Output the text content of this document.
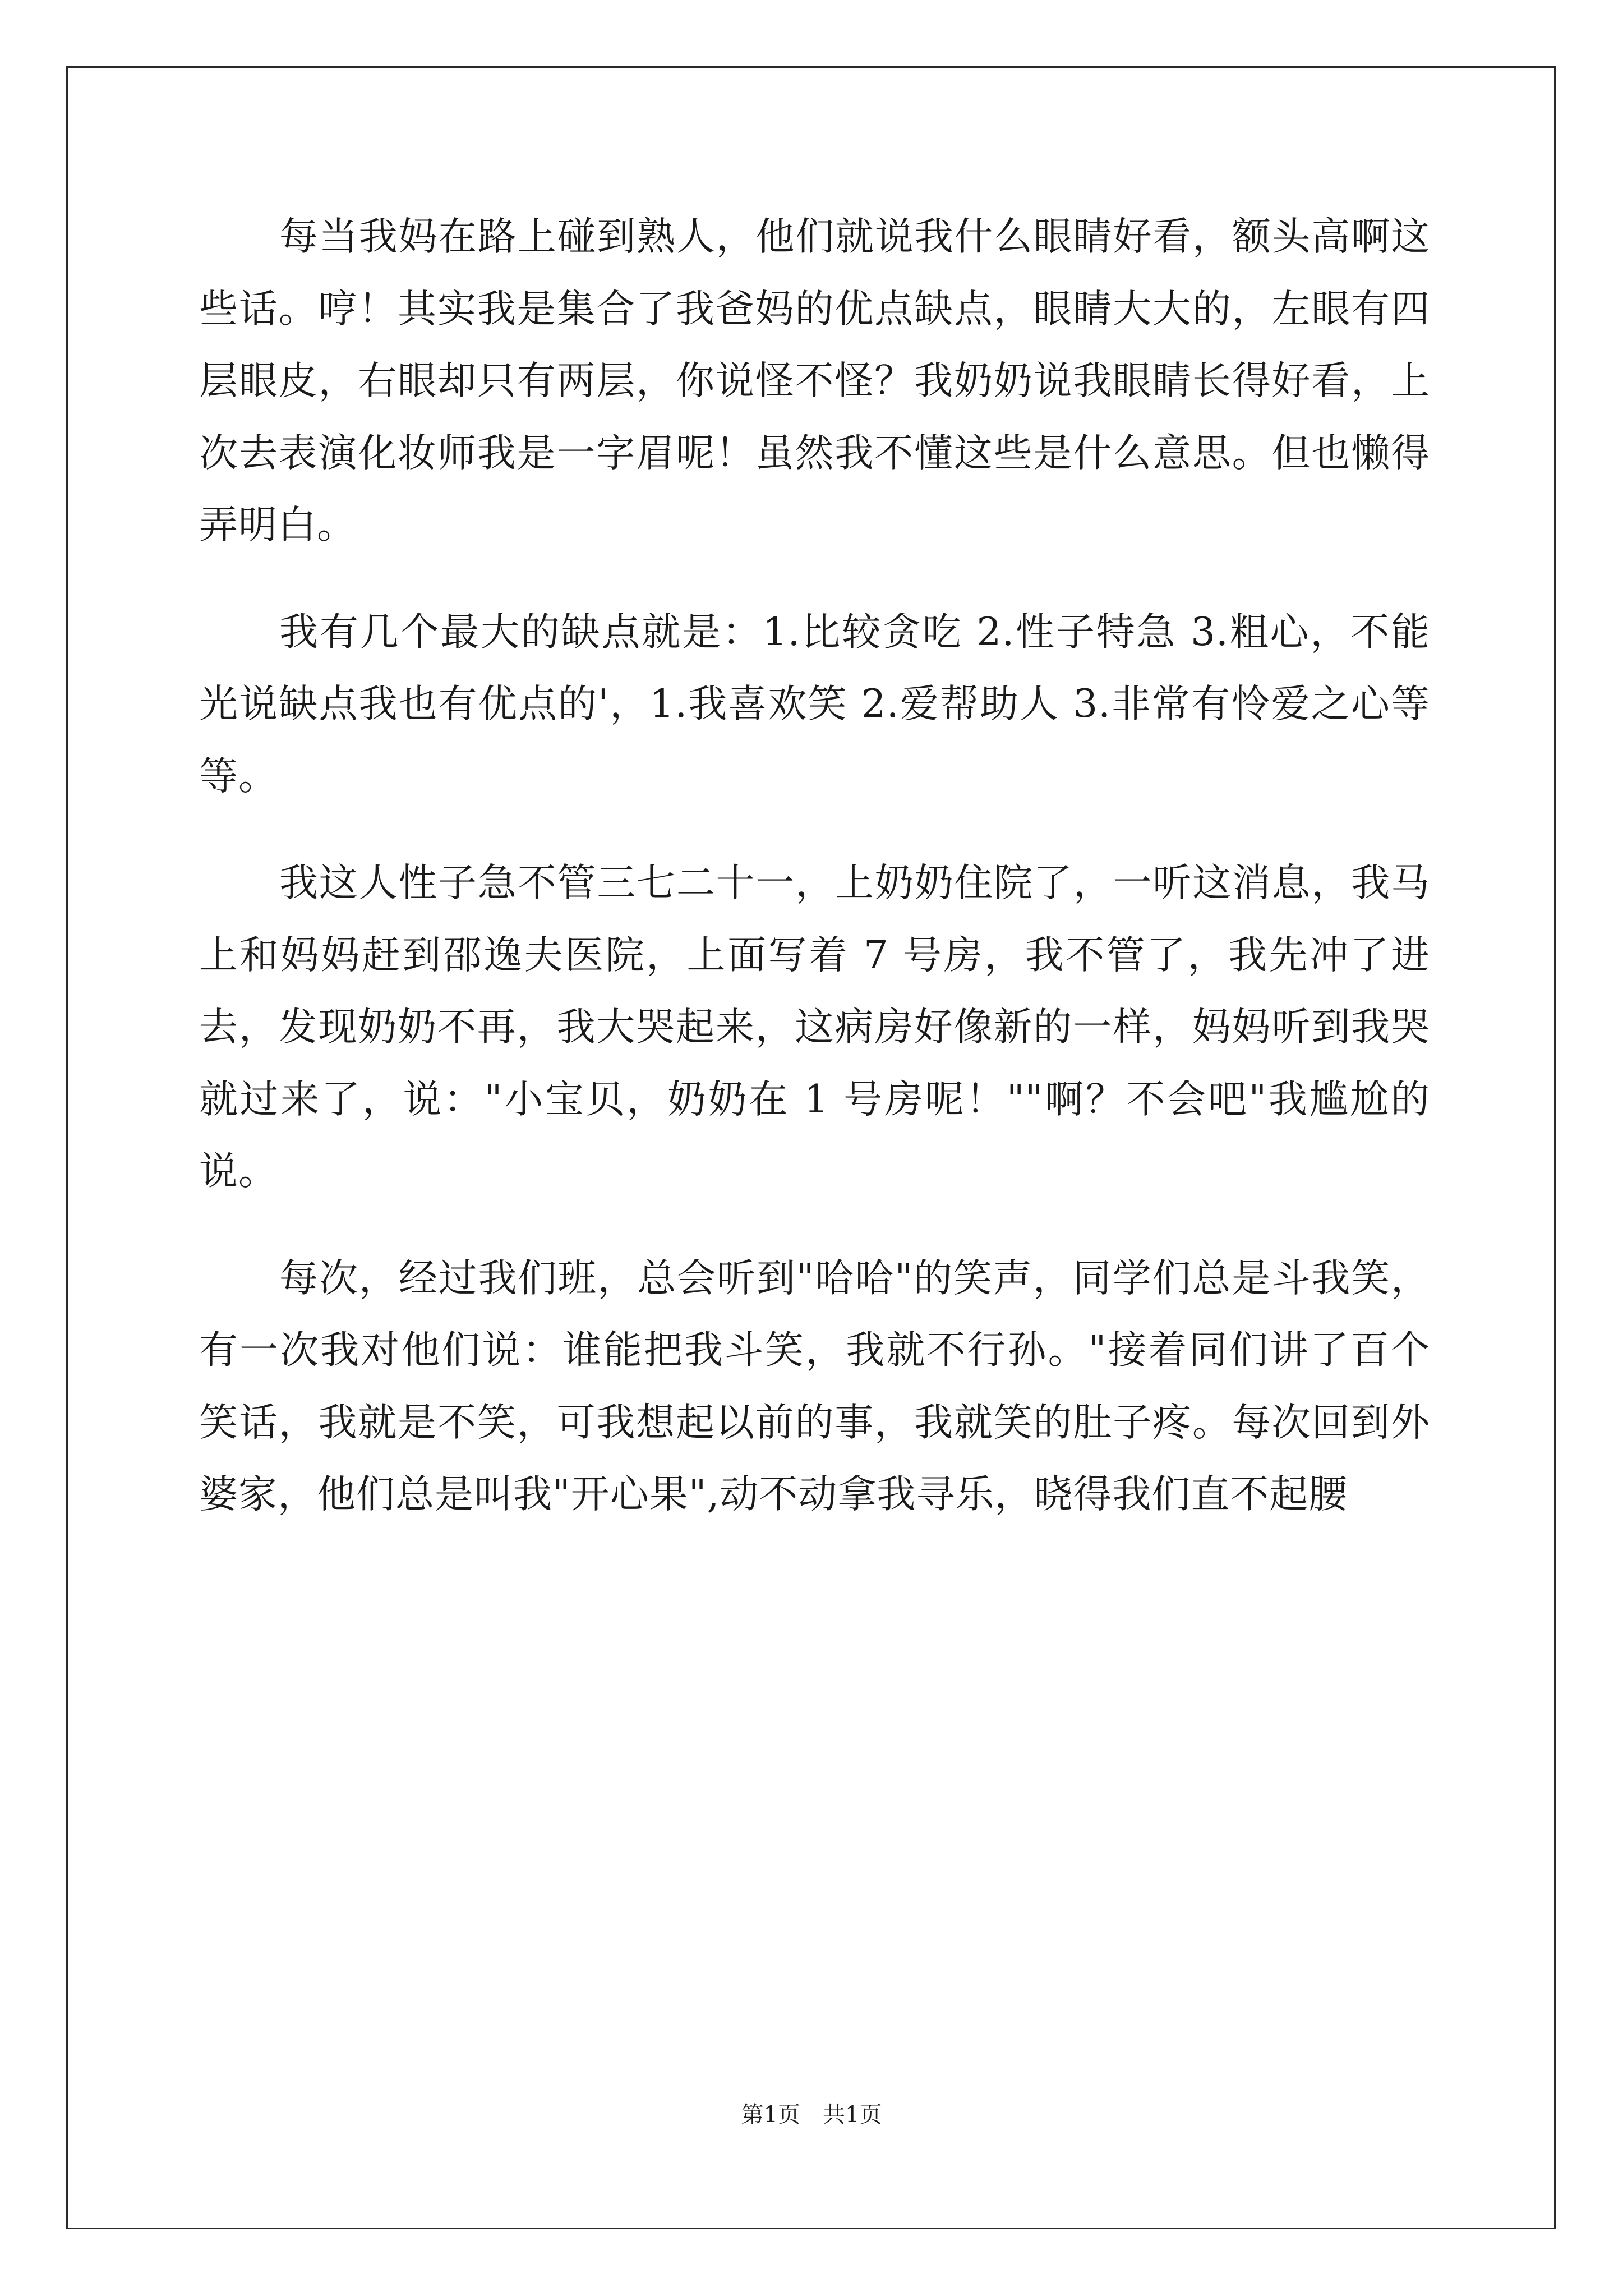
每当我妈在路上碰到熟人，他们就说我什么眼睛好看，额头高啊这些话。哼！其实我是集合了我爸妈的优点缺点，眼睛大大的，左眼有四层眼皮，右眼却只有两层，你说怪不怪？我奶奶说我眼睛长得好看，上次去表演化妆师我是一字眉呢！虽然我不懂这些是什么意思。但也懒得弄明白。

我有几个最大的缺点就是：1.比较贪吃 2.性子特急 3.粗心，不能光说缺点我也有优点的'，1.我喜欢笑 2.爱帮助人 3.非常有怜爱之心等等。

我这人性子急不管三七二十一，上奶奶住院了，一听这消息，我马上和妈妈赶到邵逸夫医院，上面写着 7 号房，我不管了，我先冲了进去，发现奶奶不再，我大哭起来，这病房好像新的一样，妈妈听到我哭就过来了，说："小宝贝，奶奶在 1 号房呢！""啊？不会吧"我尴尬的说。

每次，经过我们班，总会听到"哈哈"的笑声，同学们总是斗我笑，有一次我对他们说：谁能把我斗笑，我就不行孙。"接着同们讲了百个笑话，我就是不笑，可我想起以前的事，我就笑的肚子疼。每次回到外婆家，他们总是叫我"开心果",动不动拿我寻乐，晓得我们直不起腰

第1页 共1页
